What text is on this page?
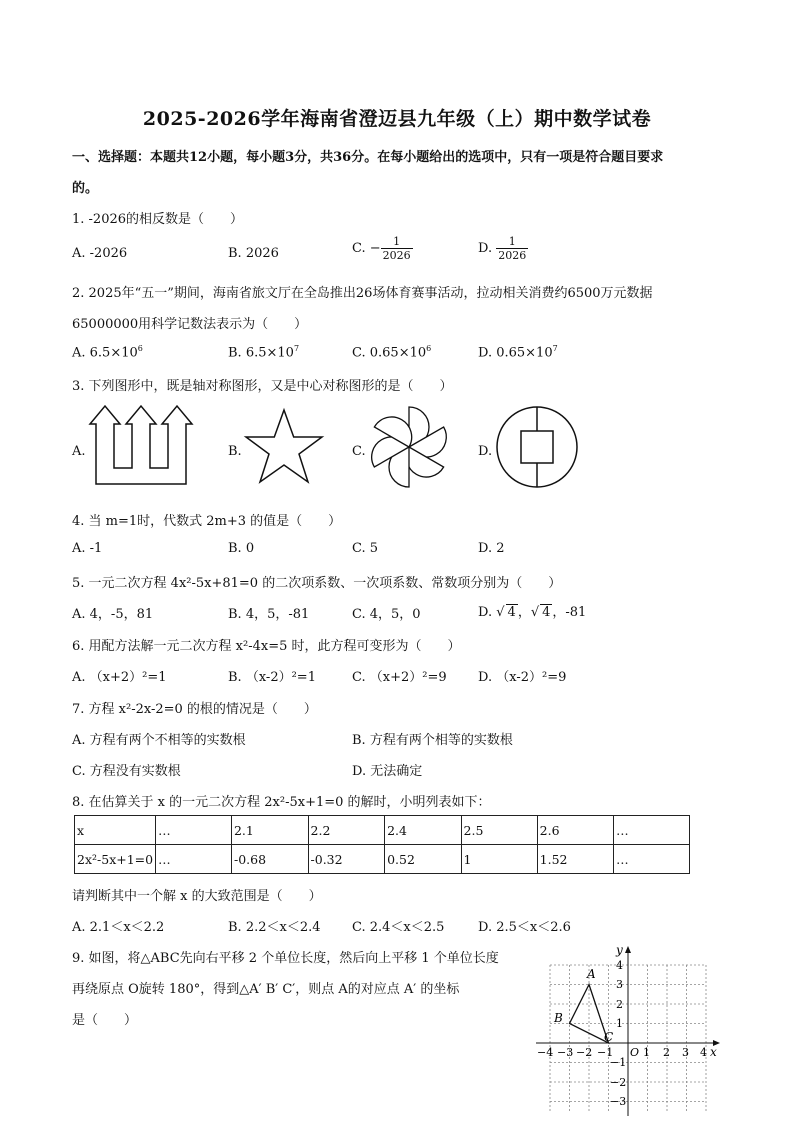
2025-2026学年海南省澄迈县九年级（上）期中数学试卷
一、选择题：本题共12小题，每小题3分，共36分。在每小题给出的选项中，只有一项是符合题目要求
的。
1. -2026的相反数是（　　）
A. -2026	B. 2026	C. − $\frac{1}{2026}$	D. $\frac{1}{2026}$
2. 2025年“五一”期间，海南省旅文厅在全岛推出26场体育赛事活动，拉动相关消费约6500万元数据
65000000用科学记数法表示为（　　）
A. $6.5\times 10^6$	B. $6.5\times 10^7$	C. $0.65\times 10^6$	D. $0.65\times 10^7$
3. 下列图形中，既是轴对称图形，又是中心对称图形的是（　　）
A.	B.	C.	D.
4. 当 m=1时，代数式 2m+3 的值是（　　）
A. -1	B. 0	C. 5	D. 2
5. 一元二次方程 4x²-5x+81=0 的二次项系数、一次项系数、常数项分别为（　　）
A. 4，-5，81	B. 4，5，-81	C. 4，5，0	D. √ 4 ，√ 4 ，-81
6. 用配方法解一元二次方程 x²-4x=5 时，此方程可变形为（　　）
A. （x+2）²=1	B. （x-2）²=1	C. （x+2）²=9 D. （x-2）²=9
7. 方程 x²-2x-2=0 的根的情况是（　　）
A. 方程有两个不相等的实数根	B. 方程有两个相等的实数根
C. 方程没有实数根	D. 无法确定
8. 在估算关于 x 的一元二次方程 2x²-5x+1=0 的解时，小明列表如下：
x	…	2.1	2.2	2.4	2.5	2.6	…
2x²-5x+1=0	…	-0.68	-0.32	0.52	1	1.52	…
请判断其中一个解 x 的大致范围是（　　）
A. 2.1＜x＜2.2	B. 2.2＜x＜2.4 C. 2.4＜x＜2.5	D. 2.5＜x＜2.6
9. 如图，将△ABC先向右平移 2 个单位长度，然后向上平移 1 个单位长度
再绕原点 O旋转 180°，得到△A′ B′ C′，则点 A的对应点 A′ 的坐标
是（　　）
x
y
O
−4 −3 −2 −1	1 2 3 4
4
3
2
1
−1
−2
−3
A
B
C
